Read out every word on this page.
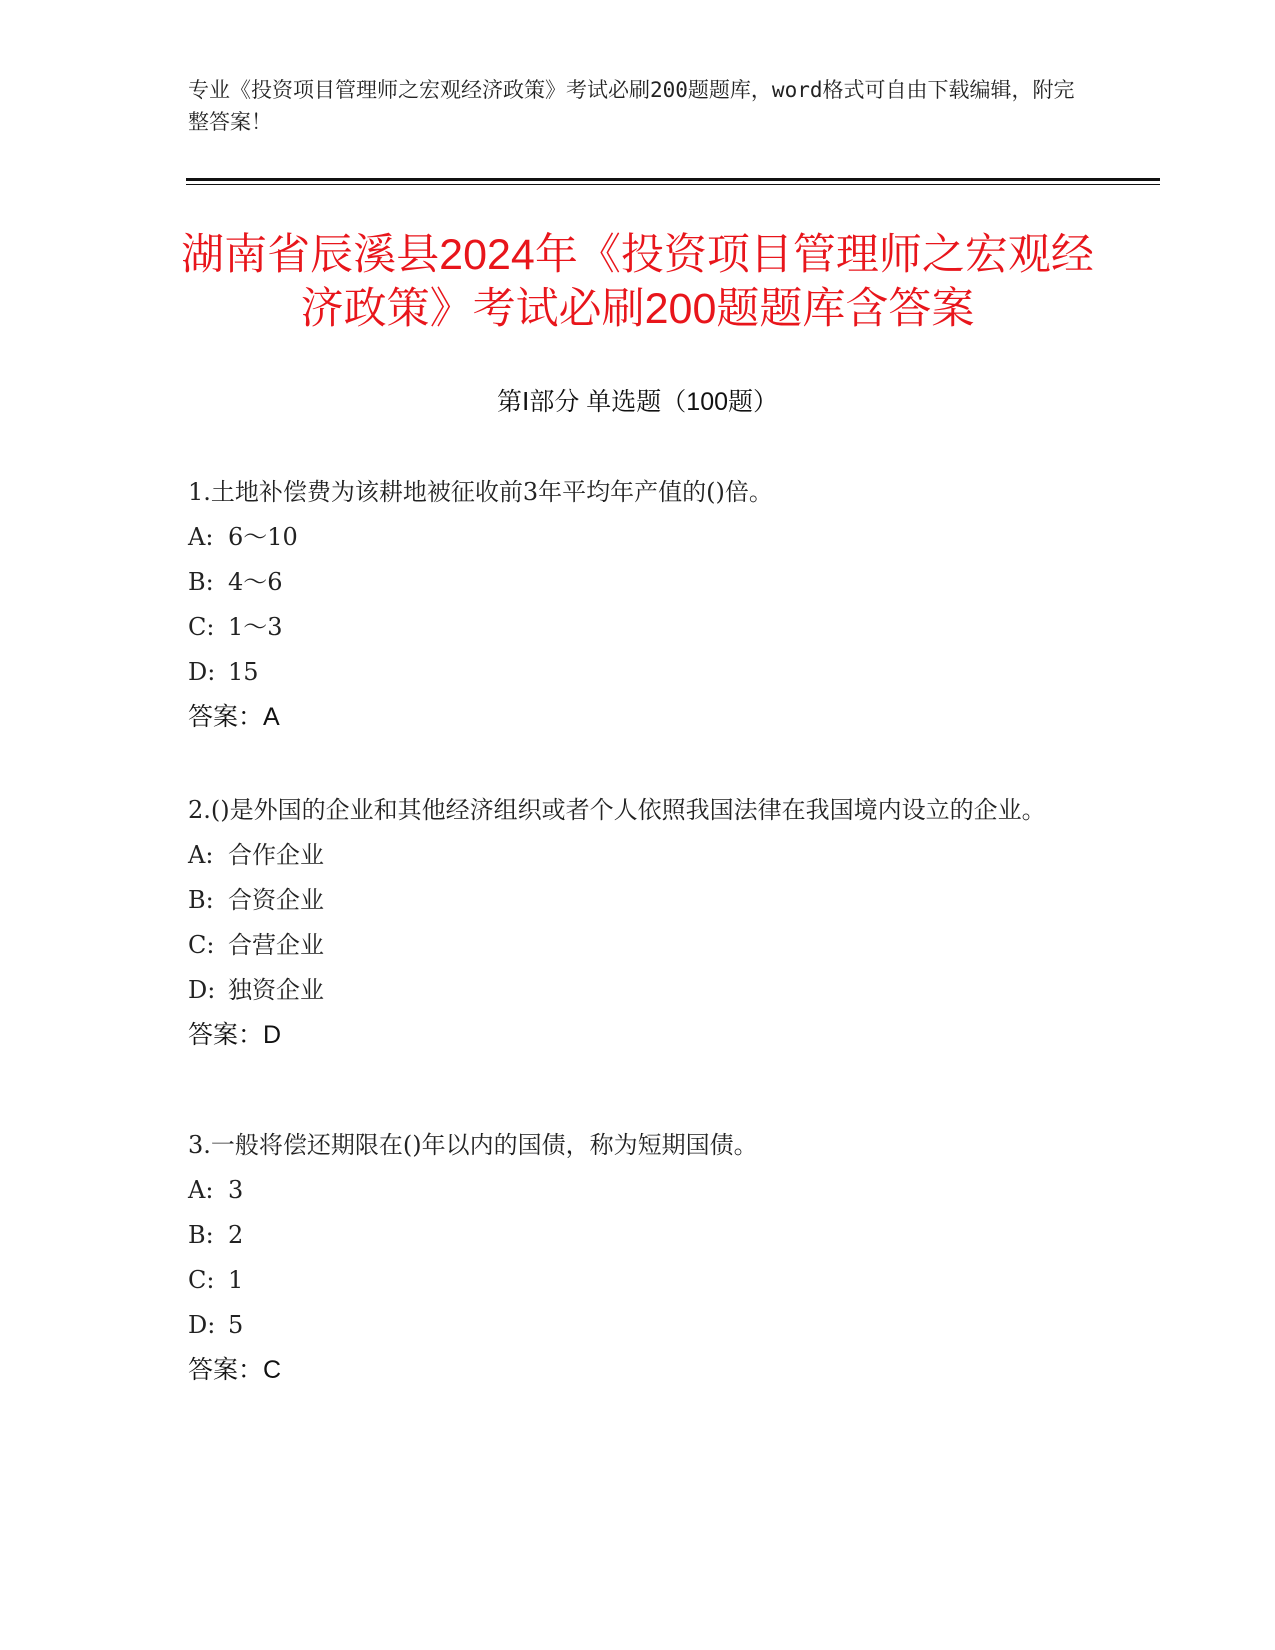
专业《投资项目管理师之宏观经济政策》考试必刷200题题库，word格式可自由下载编辑，附完整答案！
湖南省辰溪县2024年《投资项目管理师之宏观经济政策》考试必刷200题题库含答案
第Ⅰ部分 单选题（100题）

1.土地补偿费为该耕地被征收前3年平均年产值的()倍。

A: 6～10

B: 4～6

C: 1～3

D: 15

答案：A

2.()是外国的企业和其他经济组织或者个人依照我国法律在我国境内设立的企业。

A: 合作企业

B: 合资企业

C: 合营企业

D: 独资企业

答案：D

3.一般将偿还期限在()年以内的国债，称为短期国债。

A: 3

B: 2

C: 1

D: 5

答案：C
